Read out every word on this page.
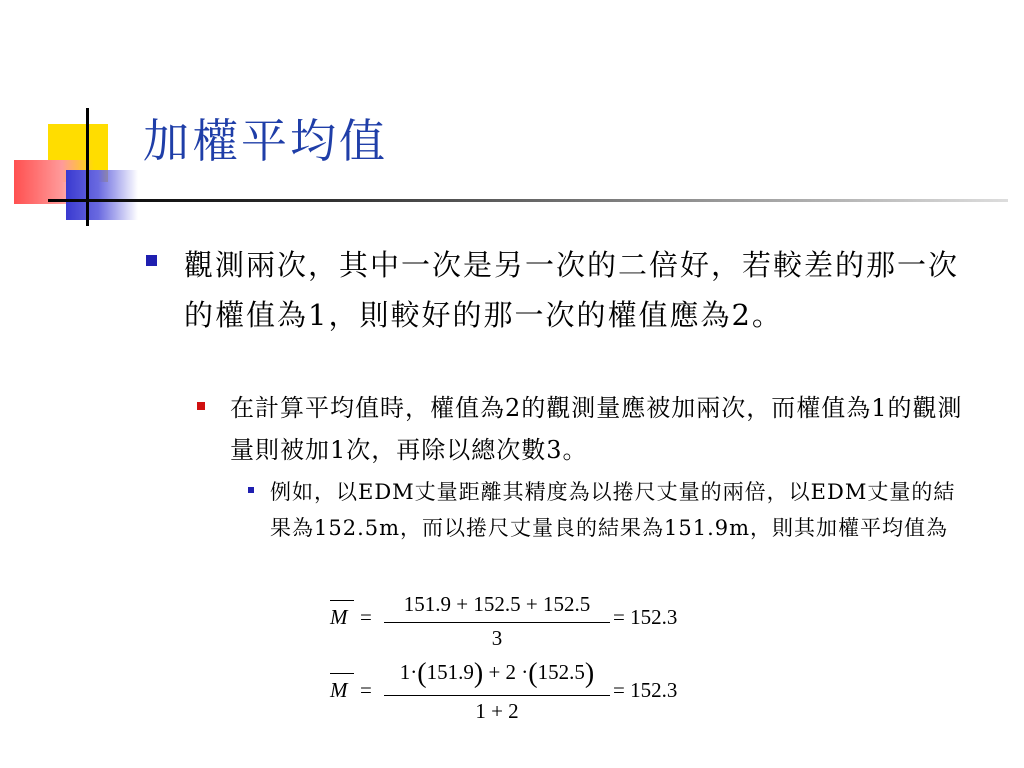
加權平均值
觀測兩次，其中一次是另一次的二倍好，若較差的那一次的權值為1，則較好的那一次的權值應為2。
在計算平均值時，權值為2的觀測量應被加兩次，而權值為1的觀測量則被加1次，再除以總次數3。
例如，以EDM丈量距離其精度為以捲尺丈量的兩倍，以EDM丈量的結果為152.5m，而以捲尺丈量良的結果為151.9m，則其加權平均值為
M =
151.9 + 152.5 + 152.5
3
= 152.3
M =
1·(151.9) + 2 ·(152.5)
1 + 2
= 152.3
